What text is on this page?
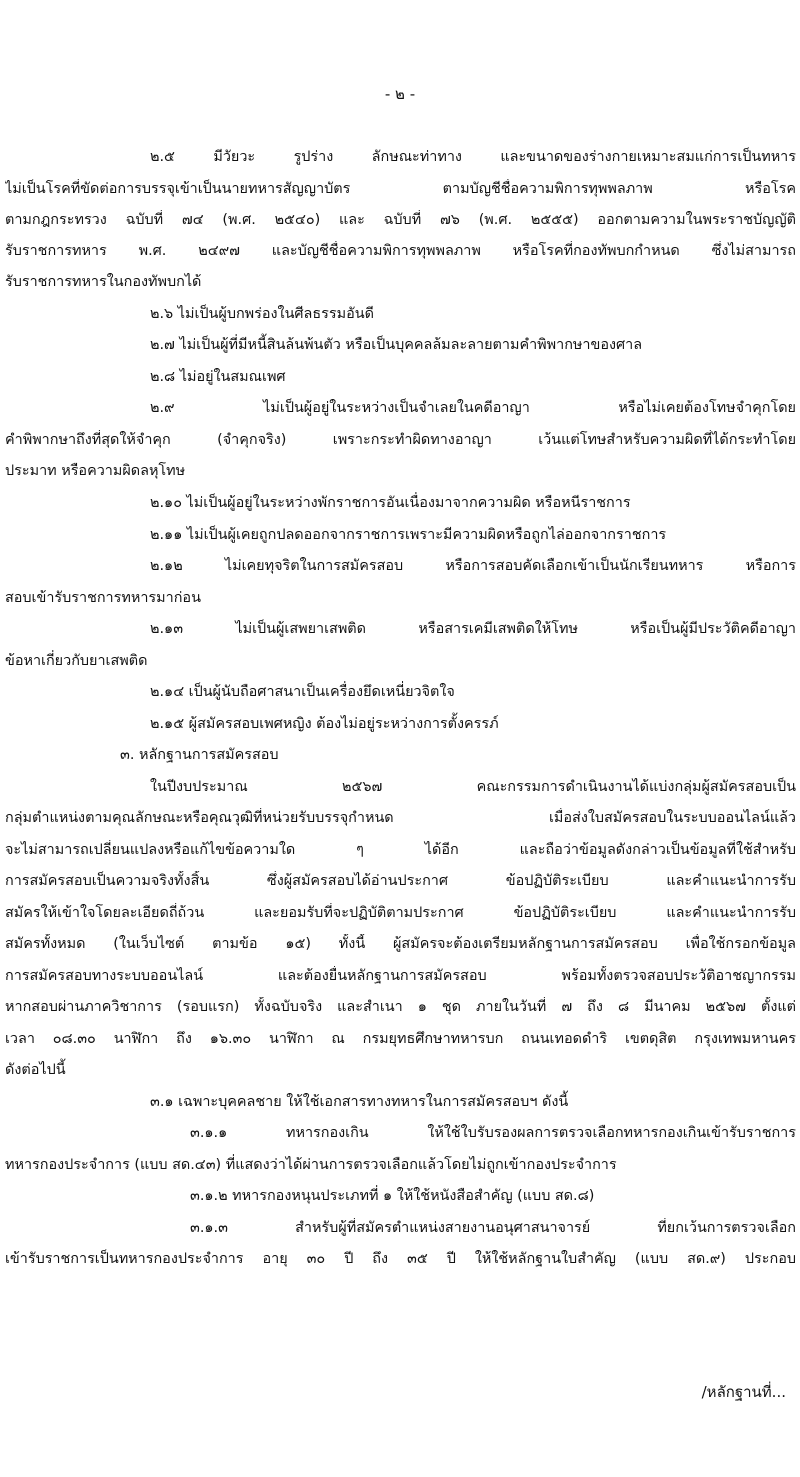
- ๒ -
๒.๕ มีวัยวะ รูปร่าง ลักษณะท่าทาง และขนาดของร่างกายเหมาะสมแก่การเป็นทหาร
ไม่เป็นโรคที่ขัดต่อการบรรจุเข้าเป็นนายทหารสัญญาบัตร ตามบัญชีชื่อความพิการทุพพลภาพ หรือโรค
ตามกฎกระทรวง ฉบับที่ ๗๔ (พ.ศ. ๒๕๔๐) และ ฉบับที่ ๗๖ (พ.ศ. ๒๕๕๕) ออกตามความในพระราชบัญญัติ
รับราชการทหาร พ.ศ. ๒๔๙๗ และบัญชีชื่อความพิการทุพพลภาพ หรือโรคที่กองทัพบกกำหนด ซึ่งไม่สามารถ
รับราชการทหารในกองทัพบกได้
๒.๖ ไม่เป็นผู้บกพร่องในศีลธรรมอันดี
๒.๗ ไม่เป็นผู้ที่มีหนี้สินล้นพ้นตัว หรือเป็นบุคคลล้มละลายตามคำพิพากษาของศาล
๒.๘ ไม่อยู่ในสมณเพศ
๒.๙ ไม่เป็นผู้อยู่ในระหว่างเป็นจำเลยในคดีอาญา หรือไม่เคยต้องโทษจำคุกโดย
คำพิพากษาถึงที่สุดให้จำคุก (จำคุกจริง) เพราะกระทำผิดทางอาญา เว้นแต่โทษสำหรับความผิดที่ได้กระทำโดย
ประมาท หรือความผิดลหุโทษ
๒.๑๐ ไม่เป็นผู้อยู่ในระหว่างพักราชการอันเนื่องมาจากความผิด หรือหนีราชการ
๒.๑๑ ไม่เป็นผู้เคยถูกปลดออกจากราชการเพราะมีความผิดหรือถูกไล่ออกจากราชการ
๒.๑๒ ไม่เคยทุจริตในการสมัครสอบ หรือการสอบคัดเลือกเข้าเป็นนักเรียนทหาร หรือการ
สอบเข้ารับราชการทหารมาก่อน
๒.๑๓ ไม่เป็นผู้เสพยาเสพติด หรือสารเคมีเสพติดให้โทษ หรือเป็นผู้มีประวัติคดีอาญา
ข้อหาเกี่ยวกับยาเสพติด
๒.๑๔ เป็นผู้นับถือศาสนาเป็นเครื่องยึดเหนี่ยวจิตใจ
๒.๑๕ ผู้สมัครสอบเพศหญิง ต้องไม่อยู่ระหว่างการตั้งครรภ์
๓. หลักฐานการสมัครสอบ
ในปีงบประมาณ ๒๕๖๗ คณะกรรมการดำเนินงานได้แบ่งกลุ่มผู้สมัครสอบเป็น
กลุ่มตำแหน่งตามคุณลักษณะหรือคุณวุฒิที่หน่วยรับบรรจุกำหนด เมื่อส่งใบสมัครสอบในระบบออนไลน์แล้ว
จะไม่สามารถเปลี่ยนแปลงหรือแก้ไขข้อความใด ๆ ได้อีก และถือว่าข้อมูลดังกล่าวเป็นข้อมูลที่ใช้สำหรับ
การสมัครสอบเป็นความจริงทั้งสิ้น ซึ่งผู้สมัครสอบได้อ่านประกาศ ข้อปฏิบัติระเบียบ และคำแนะนำการรับ
สมัครให้เข้าใจโดยละเอียดถี่ถ้วน และยอมรับที่จะปฏิบัติตามประกาศ ข้อปฏิบัติระเบียบ และคำแนะนำการรับ
สมัครทั้งหมด (ในเว็บไซต์ ตามข้อ ๑๕) ทั้งนี้ ผู้สมัครจะต้องเตรียมหลักฐานการสมัครสอบ เพื่อใช้กรอกข้อมูล
การสมัครสอบทางระบบออนไลน์ และต้องยื่นหลักฐานการสมัครสอบ พร้อมทั้งตรวจสอบประวัติอาชญากรรม
หากสอบผ่านภาควิชาการ (รอบแรก) ทั้งฉบับจริง และสำเนา ๑ ชุด ภายในวันที่ ๗ ถึง ๘ มีนาคม ๒๕๖๗ ตั้งแต่
เวลา ๐๘.๓๐ นาฬิกา ถึง ๑๖.๓๐ นาฬิกา ณ กรมยุทธศึกษาทหารบก ถนนเทอดดำริ เขตดุสิต กรุงเทพมหานคร
ดังต่อไปนี้
๓.๑ เฉพาะบุคคลชาย ให้ใช้เอกสารทางทหารในการสมัครสอบฯ ดังนี้
๓.๑.๑ ทหารกองเกิน ให้ใช้ใบรับรองผลการตรวจเลือกทหารกองเกินเข้ารับราชการ
ทหารกองประจำการ (แบบ สด.๔๓) ที่แสดงว่าได้ผ่านการตรวจเลือกแล้วโดยไม่ถูกเข้ากองประจำการ
๓.๑.๒ ทหารกองหนุนประเภทที่ ๑ ให้ใช้หนังสือสำคัญ (แบบ สด.๘)
๓.๑.๓ สำหรับผู้ที่สมัครตำแหน่งสายงานอนุศาสนาจารย์ ที่ยกเว้นการตรวจเลือก
เข้ารับราชการเป็นทหารกองประจำการ อายุ ๓๐ ปี ถึง ๓๕ ปี ให้ใช้หลักฐานใบสำคัญ (แบบ สด.๙) ประกอบ
/หลักฐานที่...
